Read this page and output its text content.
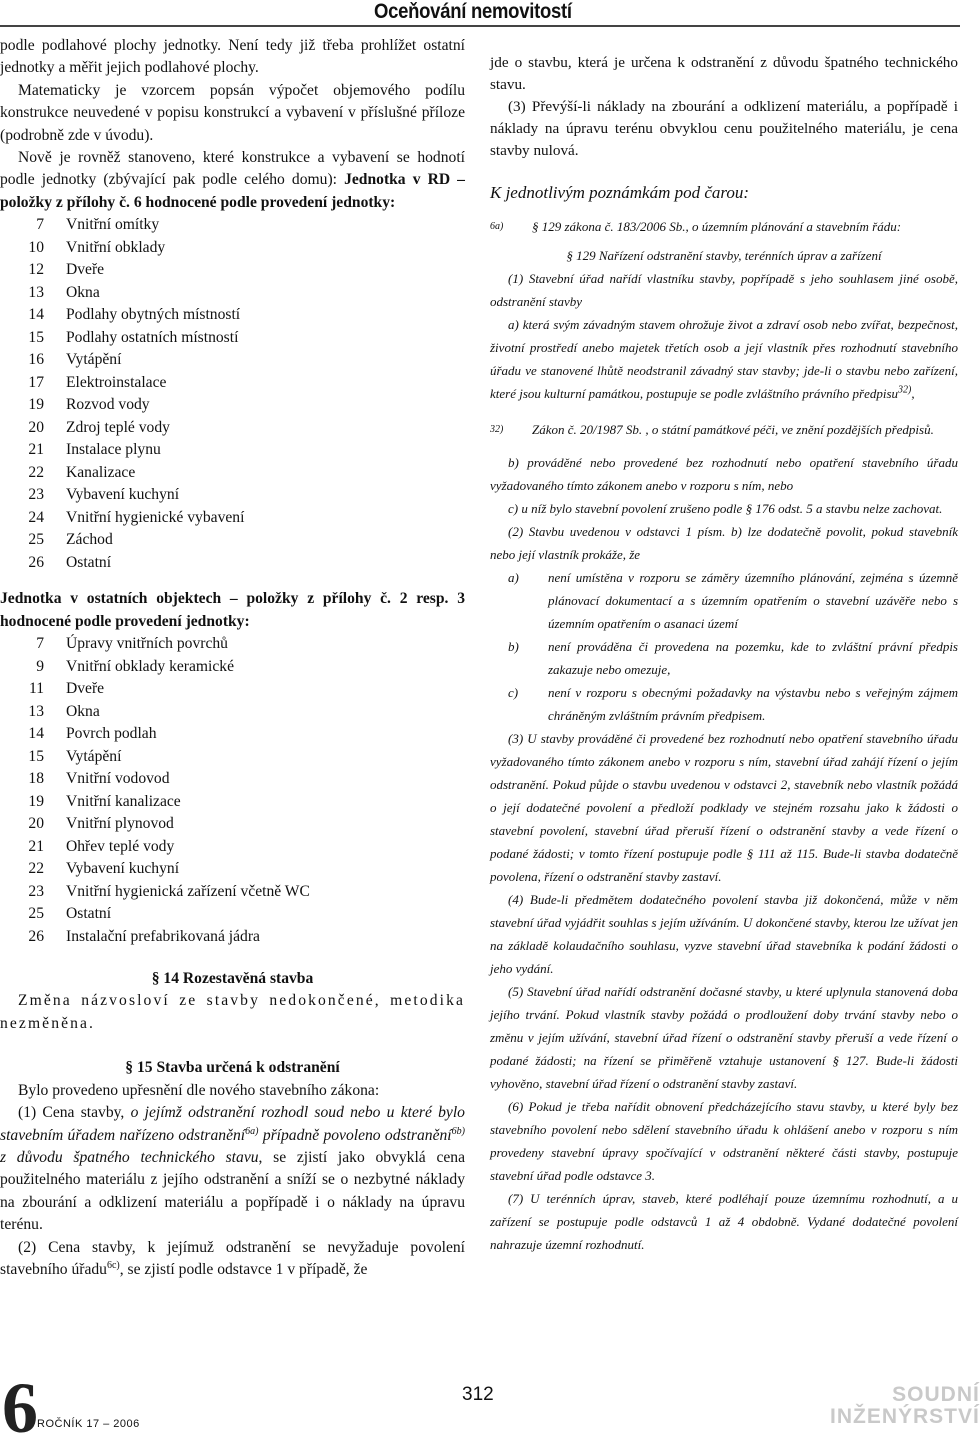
Oceňování nemovitostí

podle podlahové plochy jednotky. Není tedy již třeba prohlížet ostatní jednotky a měřit jejich podlahové plochy.

Matematicky je vzorcem popsán výpočet objemového podílu konstrukce neuvedené v popisu konstrukcí a vybavení v příslušné příloze (podrobně zde v úvodu).

Nově je rovněž stanoveno, které konstrukce a vybavení se hodnotí podle jednotky (zbývající pak podle celého domu): Jednotka v RD – položky z přílohy č. 6 hodnocené podle provedení jednotky:

7	Vnitřní omítky
10	Vnitřní obklady
12	Dveře
13	Okna
14	Podlahy obytných místností
15	Podlahy ostatních místností
16	Vytápění
17	Elektroinstalace
19	Rozvod vody
20	Zdroj teplé vody
21	Instalace plynu
22	Kanalizace
23	Vybavení kuchyní
24	Vnitřní hygienické vybavení
25	Záchod
26	Ostatní

Jednotka v ostatních objektech – položky z přílohy č. 2 resp. 3 hodnocené podle provedení jednotky:

7	Úpravy vnitřních povrchů
9	Vnitřní obklady keramické
11	Dveře
13	Okna
14	Povrch podlah
15	Vytápění
18	Vnitřní vodovod
19	Vnitřní kanalizace
20	Vnitřní plynovod
21	Ohřev teplé vody
22	Vybavení kuchyní
23	Vnitřní hygienická zařízení včetně WC
25	Ostatní
26	Instalační prefabrikovaná jádra

§ 14 Rozestavěná stavba

Změna názvosloví ze stavby nedokončené, metodika nezměněna.

§ 15 Stavba určená k odstranění

Bylo provedeno upřesnění dle nového stavebního zákona:

(1) Cena stavby, o jejímž odstranění rozhodl soud nebo u které bylo stavebním úřadem nařízeno odstranění$^{6a)}$ případně povoleno odstranění$^{6b)}$ z důvodu špatného technického stavu, se zjistí jako obvyklá cena použitelného materiálu z jejího odstranění a sníží se o nezbytné náklady na zbourání a odklizení materiálu a popřípadě i o náklady na úpravu terénu.

(2) Cena stavby, k jejímuž odstranění se nevyžaduje povolení stavebního úřadu$^{6c)}$, se zjistí podle odstavce 1 v případě, že

jde o stavbu, která je určena k odstranění z důvodu špatného technického stavu.

(3) Převýší-li náklady na zbourání a odklizení materiálu, a popřípadě i náklady na úpravu terénu obvyklou cenu použitelného materiálu, je cena stavby nulová.

K jednotlivým poznámkám pod čarou:

6a)	§ 129 zákona č. 183/2006 Sb., o územním plánování a stavebním řádu:

§ 129 Nařízení odstranění stavby, terénních úprav a zařízení

(1) Stavební úřad nařídí vlastníku stavby, popřípadě s jeho souhlasem jiné osobě, odstranění stavby

a) která svým závadným stavem ohrožuje život a zdraví osob nebo zvířat, bezpečnost, životní prostředí anebo majetek třetích osob a její vlastník přes rozhodnutí stavebního úřadu ve stanovené lhůtě neodstranil závadný stav stavby; jde-li o stavbu nebo zařízení, které jsou kulturní památkou, postupuje se podle zvláštního právního předpisu$^{32)}$,

32)	Zákon č. 20/1987 Sb. , o státní památkové péči, ve znění pozdějších předpisů.

b) prováděné nebo provedené bez rozhodnutí nebo opatření stavebního úřadu vyžadovaného tímto zákonem anebo v rozporu s ním, nebo

c) u níž bylo stavební povolení zrušeno podle § 176 odst. 5 a stavbu nelze zachovat.

(2) Stavbu uvedenou v odstavci 1 písm. b) lze dodatečně povolit, pokud stavebník nebo její vlastník prokáže, že

a)	není umístěna v rozporu se záměry územního plánování, zejména s územně plánovací dokumentací a s územním opatřením o stavební uzávěře nebo s územním opatřením o asanaci území
b)	není prováděna či provedena na pozemku, kde to zvláštní právní předpis zakazuje nebo omezuje,
c)	není v rozporu s obecnými požadavky na výstavbu nebo s veřejným zájmem chráněným zvláštním právním předpisem.

(3) U stavby prováděné či provedené bez rozhodnutí nebo opatření stavebního úřadu vyžadovaného tímto zákonem anebo v rozporu s ním, stavební úřad zahájí řízení o jejím odstranění. Pokud půjde o stavbu uvedenou v odstavci 2, stavebník nebo vlastník požádá o její dodatečné povolení a předloží podklady ve stejném rozsahu jako k žádosti o stavební povolení, stavební úřad přeruší řízení o odstranění stavby a vede řízení o podané žádosti; v tomto řízení postupuje podle § 111 až 115. Bude-li stavba dodatečně povolena, řízení o odstranění stavby zastaví.

(4) Bude-li předmětem dodatečného povolení stavba již dokončená, může v něm stavební úřad vyjádřit souhlas s jejím užíváním. U dokončené stavby, kterou lze užívat jen na základě kolaudačního souhlasu, vyzve stavební úřad stavebníka k podání žádosti o jeho vydání.

(5) Stavební úřad nařídí odstranění dočasné stavby, u které uplynula stanovená doba jejího trvání. Pokud vlastník stavby požádá o prodloužení doby trvání stavby nebo o změnu v jejím užívání, stavební úřad řízení o odstranění stavby přeruší a vede řízení o podané žádosti; na řízení se přiměřeně vztahuje ustanovení § 127. Bude-li žádosti vyhověno, stavební úřad řízení o odstranění stavby zastaví.

(6) Pokud je třeba nařídit obnovení předcházejícího stavu stavby, u které byly bez stavebního povolení nebo sdělení stavebního úřadu k ohlášení anebo v rozporu s ním provedeny stavební úpravy spočívající v odstranění některé části stavby, postupuje stavební úřad podle odstavce 3.

(7) U terénních úprav, staveb, které podléhají pouze územnímu rozhodnutí, a u zařízení se postupuje podle odstavců 1 až 4 obdobně. Vydané dodatečné povolení nahrazuje územní rozhodnutí.

6 ROČNÍK 17 – 2006
312	SOUDNÍ
INŽENÝRSTVÍ
